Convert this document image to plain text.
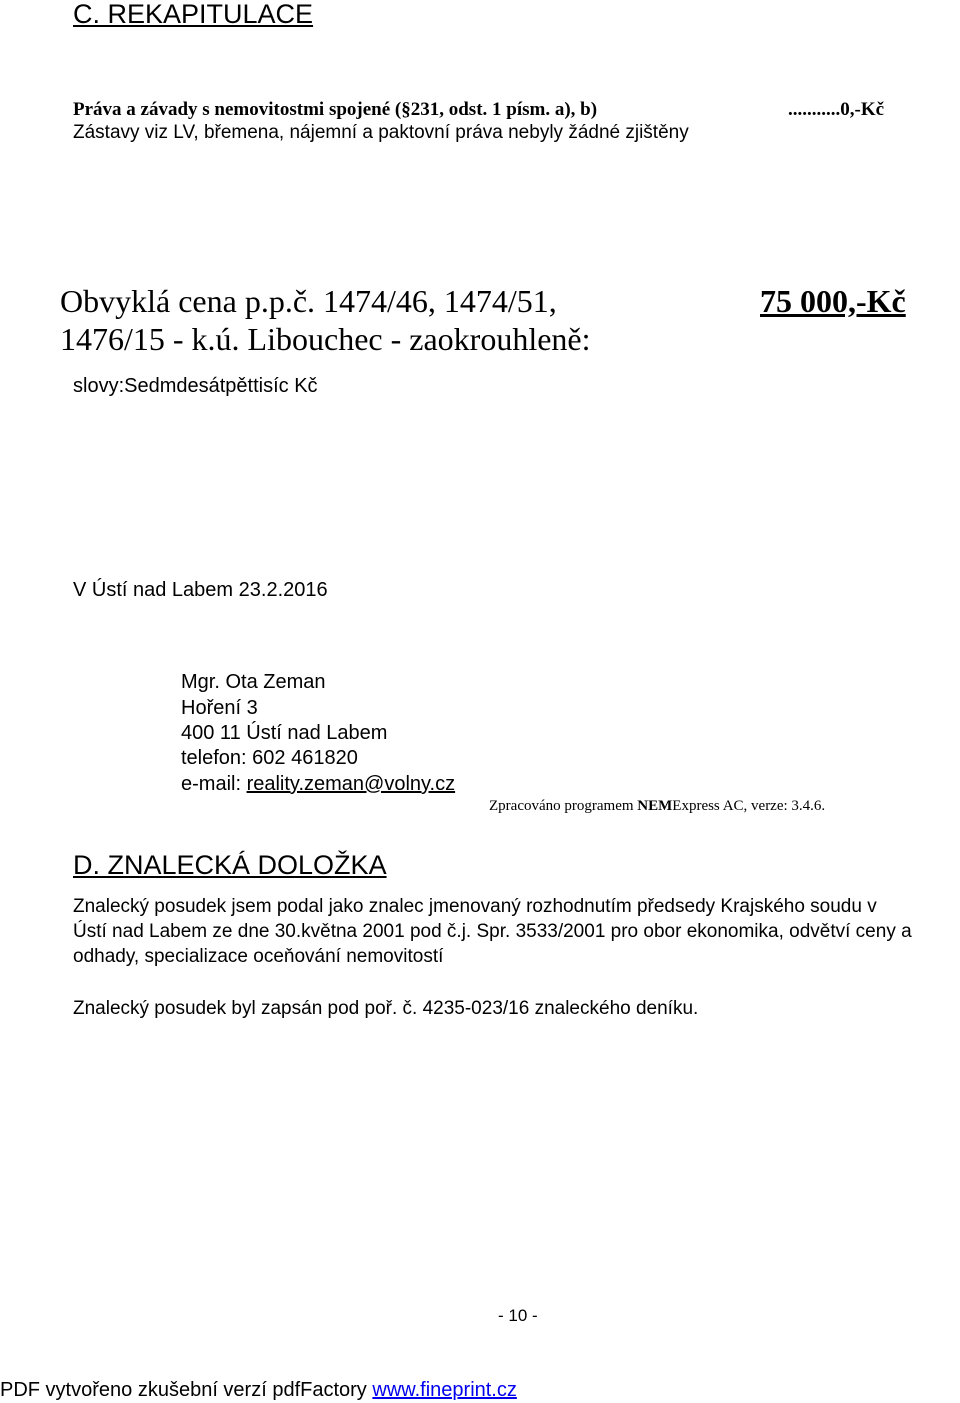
C. REKAPITULACE
Práva a závady s nemovitostmi spojené (§231, odst. 1 písm. a), b)	...........0,-Kč
Zástavy viz LV, břemena, nájemní a paktovní práva nebyly žádné zjištěny
Obvyklá cena p.p.č. 1474/46, 1474/51,
1476/15 - k.ú. Libouchec - zaokrouhleně:
75 000,-Kč
slovy:Sedmdesátpěttisíc Kč
V Ústí nad Labem 23.2.2016
Mgr. Ota Zeman
Hoření 3
400 11 Ústí nad Labem
telefon: 602 461820
e-mail: reality.zeman@volny.cz
Zpracováno programem NEMExpress AC, verze: 3.4.6.
D. ZNALECKÁ DOLOŽKA
Znalecký posudek jsem podal jako znalec jmenovaný rozhodnutím předsedy Krajského soudu v
Ústí nad Labem ze dne 30.května 2001 pod č.j. Spr. 3533/2001 pro obor ekonomika, odvětví ceny a
odhady, specializace oceňování nemovitostí
Znalecký posudek byl zapsán pod poř. č. 4235-023/16 znaleckého deníku.
- 10 -
PDF vytvořeno zkušební verzí pdfFactory www.fineprint.cz
